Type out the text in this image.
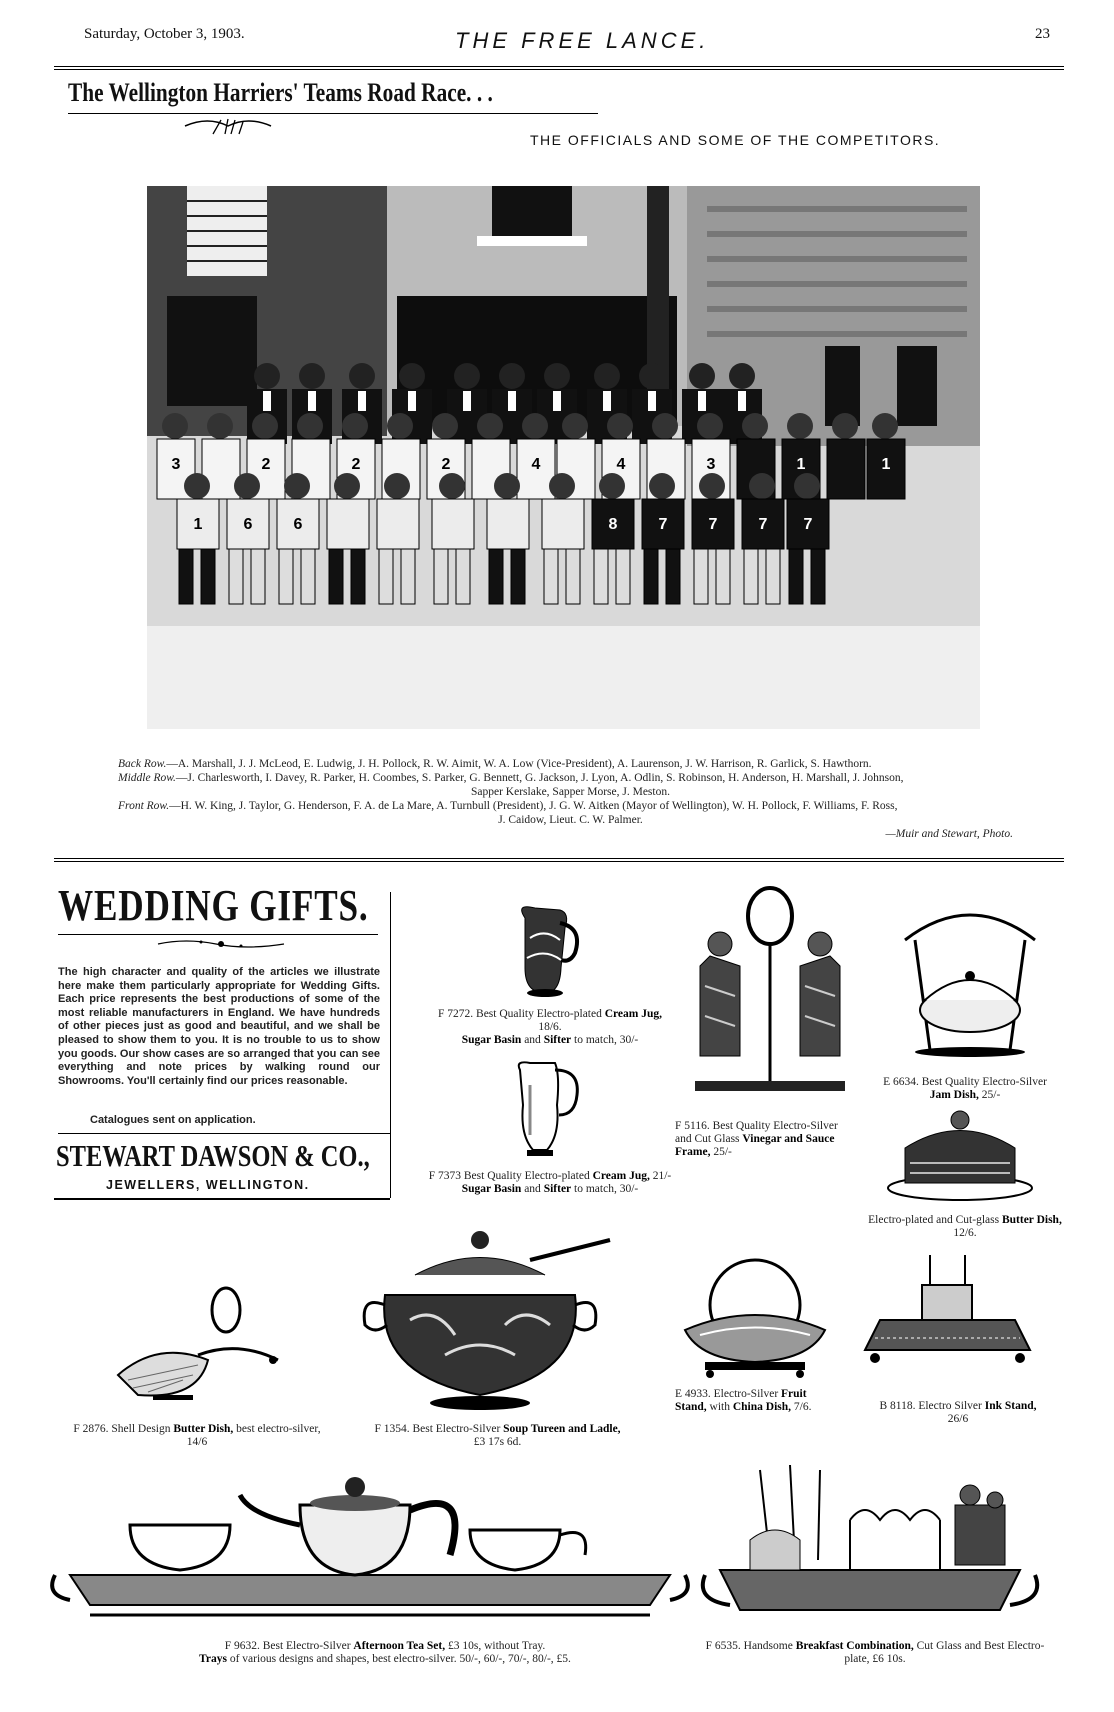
Saturday, October 3, 1903.	THE FREE LANCE.	23
The Wellington Harriers' Teams Road Race. . .
THE OFFICIALS AND SOME OF THE COMPETITORS.
3	2	2	2	4	4	3	1	1
1	6	6	8	7	7	7 7
Back Row.—A. Marshall, J. J. McLeod, E. Ludwig, J. H. Pollock, R. W. Aimit, W. A. Low (Vice-President), A. Laurenson, J. W. Harrison, R. Garlick, S. Hawthorn.
Middle Row.—J. Charlesworth, I. Davey, R. Parker, H. Coombes, S. Parker, G. Bennett, G. Jackson, J. Lyon, A. Odlin, S. Robinson, H. Anderson, H. Marshall, J. Johnson,
Sapper Kerslake, Sapper Morse, J. Meston.
Front Row.—H. W. King, J. Taylor, G. Henderson, F. A. de La Mare, A. Turnbull (President), J. G. W. Aitken (Mayor of Wellington), W. H. Pollock, F. Williams, F. Ross,
J. Caidow, Lieut. C. W. Palmer.
—Muir and Stewart, Photo.
WEDDING GIFTS.
The high character and quality of the articles we illustrate here make them particularly appropriate for Wedding Gifts. Each price represents the best productions of some of the most reliable manufacturers in England. We have hundreds of other pieces just as good and beautiful, and we shall be pleased to show them to you. It is no trouble to us to show you goods. Our show cases are so arranged that you can see everything and note prices by walking round our Showrooms. You'll certainly find our prices reasonable.
Catalogues sent on application.
STEWART DAWSON & CO.,
JEWELLERS, WELLINGTON.
F 7272. Best Quality Electro-plated Cream Jug, 18/6.
Sugar Basin and Sifter to match, 30/-
F 7373 Best Quality Electro-plated Cream Jug, 21/-
Sugar Basin and Sifter to match, 30/-
F 5116. Best Quality Electro-Silver and Cut Glass Vinegar and Sauce Frame, 25/-
E 6634. Best Quality Electro-Silver
Jam Dish, 25/-
Electro-plated and Cut-glass Butter Dish, 12/6.
F 2876. Shell Design Butter Dish, best electro-silver, 14/6
F 1354. Best Electro-Silver Soup Tureen and Ladle,
£3 17s 6d.
E 4933. Electro-Silver Fruit Stand, with China Dish, 7/6.	B 8118. Electro Silver Ink Stand,
26/6
F 9632. Best Electro-Silver Afternoon Tea Set, £3 10s, without Tray.
Trays of various designs and shapes, best electro-silver. 50/-, 60/-, 70/-, 80/-, £5.
F 6535. Handsome Breakfast Combination, Cut Glass and Best Electro-plate, £6 10s.
